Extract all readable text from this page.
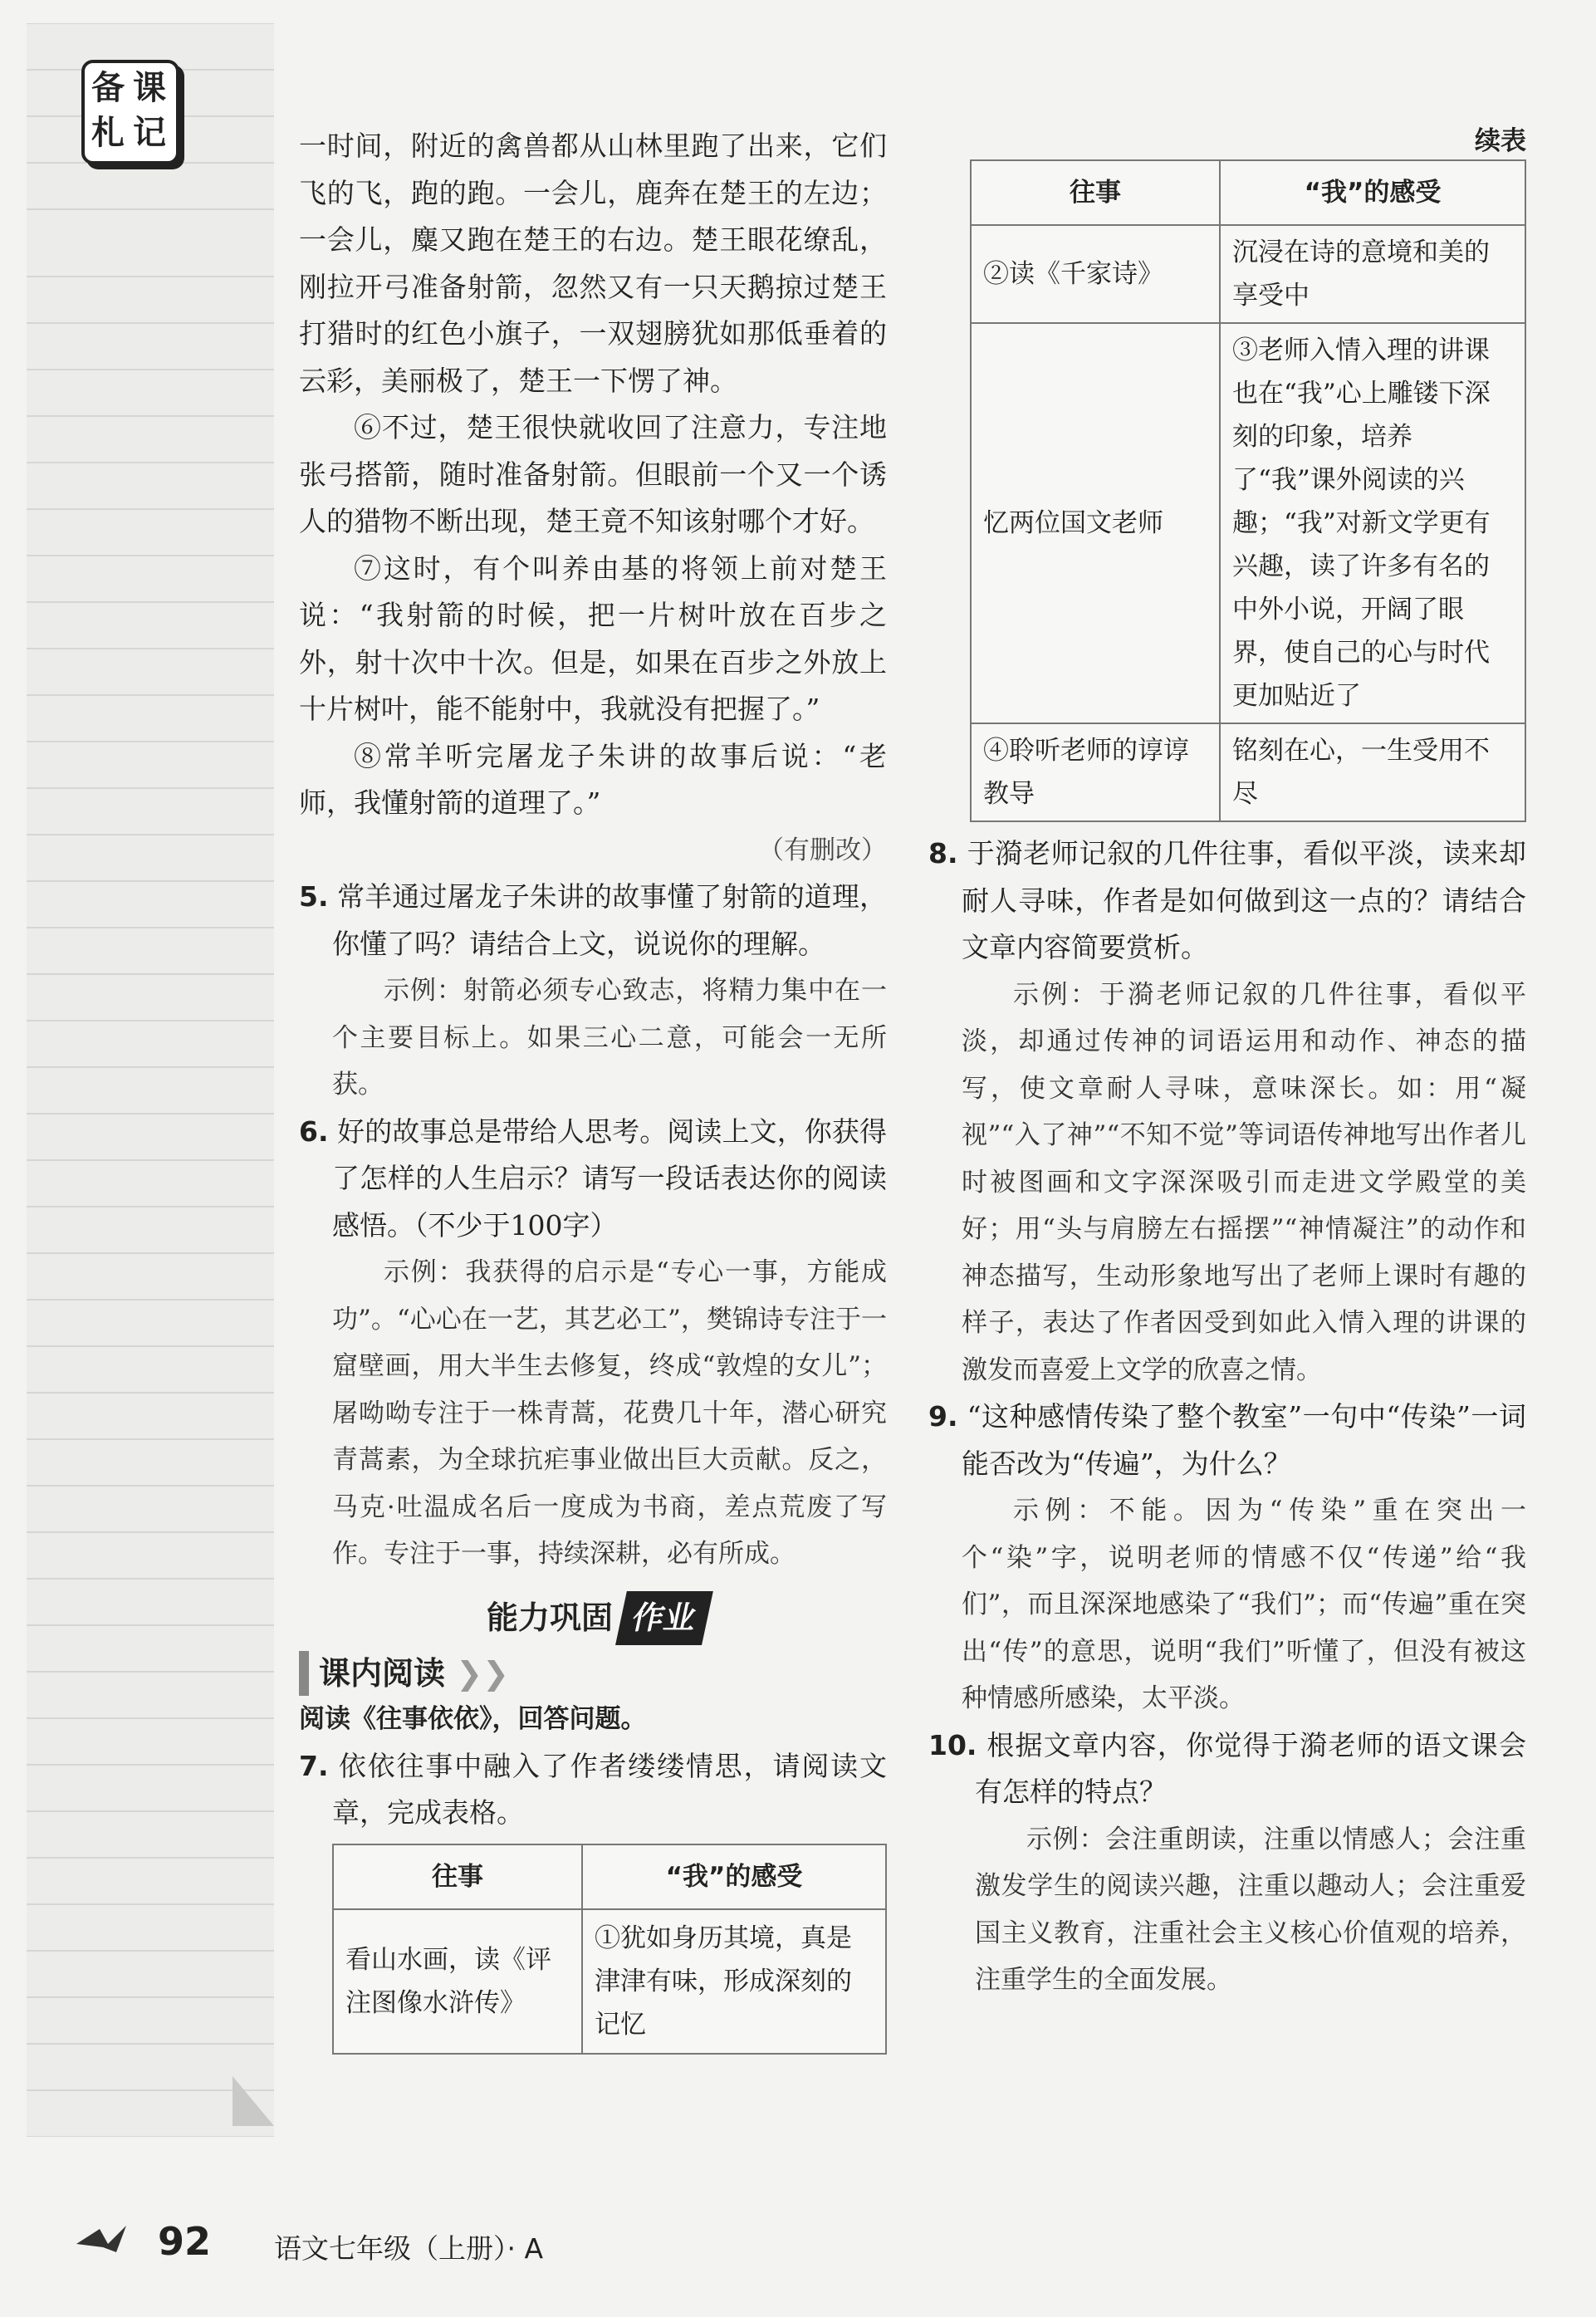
备 课
札 记	一时间，附近的禽兽都从山林里跑了出来，它们飞的飞，跑的跑。一会儿，鹿奔在楚王的左边；一会儿，麋又跑在楚王的右边。楚王眼花缭乱，刚拉开弓准备射箭，忽然又有一只天鹅掠过楚王打猎时的红色小旗子，一双翅膀犹如那低垂着的云彩，美丽极了，楚王一下愣了神。

⑥不过，楚王很快就收回了注意力，专注地张弓搭箭，随时准备射箭。但眼前一个又一个诱人的猎物不断出现，楚王竟不知该射哪个才好。

⑦这时，有个叫养由基的将领上前对楚王说：“我射箭的时候，把一片树叶放在百步之外，射十次中十次。但是，如果在百步之外放上十片树叶，能不能射中，我就没有把握了。”

⑧常羊听完屠龙子朱讲的故事后说：“老师，我懂射箭的道理了。”

（有删改）

5. 常羊通过屠龙子朱讲的故事懂了射箭的道理，你懂了吗？请结合上文，说说你的理解。

示例：射箭必须专心致志，将精力集中在一个主要目标上。如果三心二意，可能会一无所获。

6. 好的故事总是带给人思考。阅读上文，你获得了怎样的人生启示？请写一段话表达你的阅读感悟。（不少于100字）

示例：我获得的启示是“专心一事，方能成功”。“心心在一艺，其艺必工”，樊锦诗专注于一窟壁画，用大半生去修复，终成“敦煌的女儿”；屠呦呦专注于一株青蒿，花费几十年，潜心研究青蒿素，为全球抗疟事业做出巨大贡献。反之，马克·吐温成名后一度成为书商，差点荒废了写作。专注于一事，持续深耕，必有所成。

能力巩固 作业
课内阅读 ❯❯

阅读《往事依依》，回答问题。

7. 依依往事中融入了作者缕缕情思，请阅读文章，完成表格。

往事	“我”的感受
看山水画，读《评注图像水浒传》	①犹如身历其境，真是津津有味，形成深刻的记忆

续表

往事	“我”的感受
②读《千家诗》	沉浸在诗的意境和美的享受中
忆两位国文老师	③老师入情入理的讲课也在“我”心上雕镂下深刻的印象，培养了“我”课外阅读的兴趣；“我”对新文学更有兴趣，读了许多有名的中外小说，开阔了眼界，使自己的心与时代更加贴近了
④聆听老师的谆谆教导	铭刻在心，一生受用不尽

8. 于漪老师记叙的几件往事，看似平淡，读来却耐人寻味，作者是如何做到这一点的？请结合文章内容简要赏析。

示例：于漪老师记叙的几件往事，看似平淡，却通过传神的词语运用和动作、神态的描写，使文章耐人寻味，意味深长。如：用“凝视”“入了神”“不知不觉”等词语传神地写出作者儿时被图画和文字深深吸引而走进文学殿堂的美好；用“头与肩膀左右摇摆”“神情凝注”的动作和神态描写，生动形象地写出了老师上课时有趣的样子，表达了作者因受到如此入情入理的讲课的激发而喜爱上文学的欣喜之情。

9. “这种感情传染了整个教室”一句中“传染”一词能否改为“传遍”，为什么？

示例：不能。因为“传染”重在突出一个“染”字，说明老师的情感不仅“传递”给“我们”，而且深深地感染了“我们”；而“传遍”重在突出“传”的意思，说明“我们”听懂了，但没有被这种情感所感染，太平淡。

10. 根据文章内容，你觉得于漪老师的语文课会有怎样的特点？

示例：会注重朗读，注重以情感人；会注重激发学生的阅读兴趣，注重以趣动人；会注重爱国主义教育，注重社会主义核心价值观的培养，注重学生的全面发展。

92 语文七年级（上册）· A
